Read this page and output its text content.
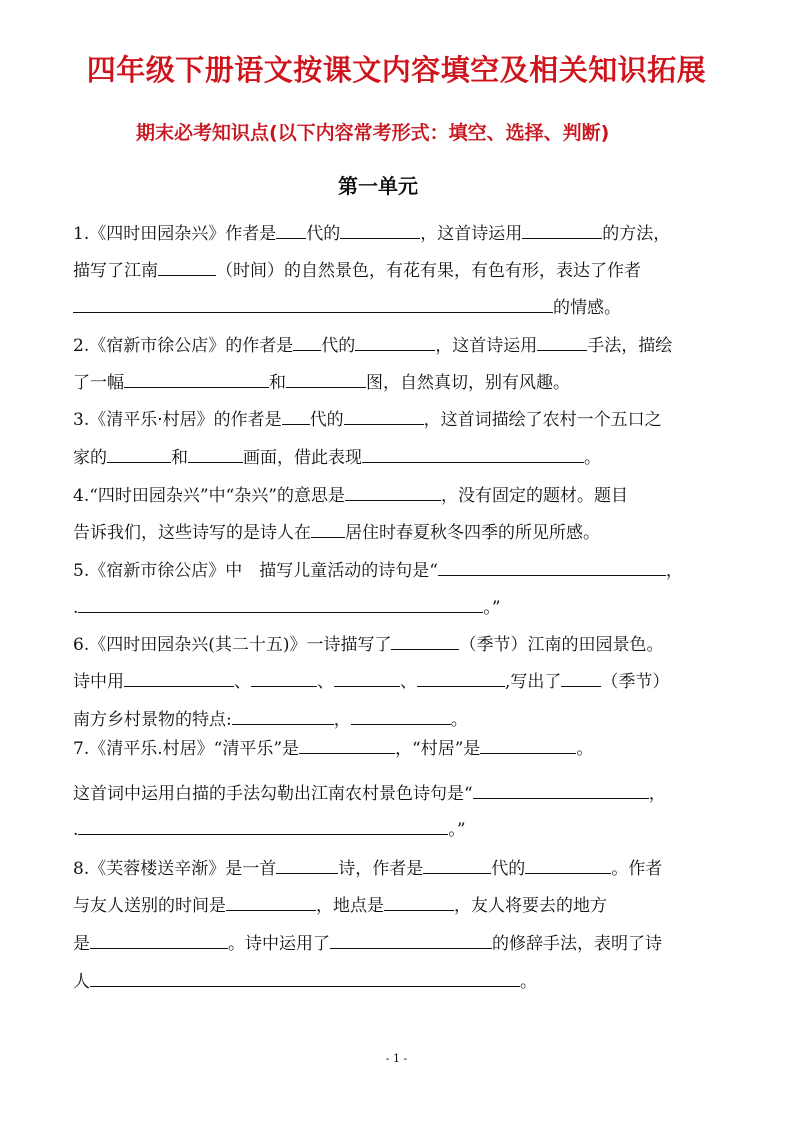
四年级下册语文按课文内容填空及相关知识拓展
期末必考知识点(以下内容常考形式：填空、选择、判断)
第一单元
1.《四时田园杂兴》作者是 代的	，这首诗运用	的方法，
描写了江南	（时间）的自然景色，有花有果，有色有形，表达了作者
的情感。
2.《宿新市徐公店》的作者是 代的	，这首诗运用	手法，描绘
了一幅	和	图，自然真切，别有风趣。
3.《清平乐·村居》的作者是 代的	，这首词描绘了农村一个五口之
家的	和	画面，借此表现	。
4.“四时田园杂兴”中“杂兴”的意思是	，没有固定的题材。题目
告诉我们，这些诗写的是诗人在 居住时春夏秋冬四季的所见所感。
5.《宿新市徐公店》中　描写儿童活动的诗句是“	，
.	。”
6.《四时田园杂兴(其二十五)》一诗描写了	（季节）江南的田园景色。
诗中用	、	、	、	,写出了 （季节）
南方乡村景物的特点:	，	。
7.《清平乐.村居》“清平乐”是	，“村居”是	。
这首词中运用白描的手法勾勒出江南农村景色诗句是“	，
.	。”
8.《芙蓉楼送辛渐》是一首	诗，作者是	代的	。作者
与友人送别的时间是	，地点是	，友人将要去的地方
是	。诗中运用了	的修辞手法，表明了诗
人	。
- 1 -
